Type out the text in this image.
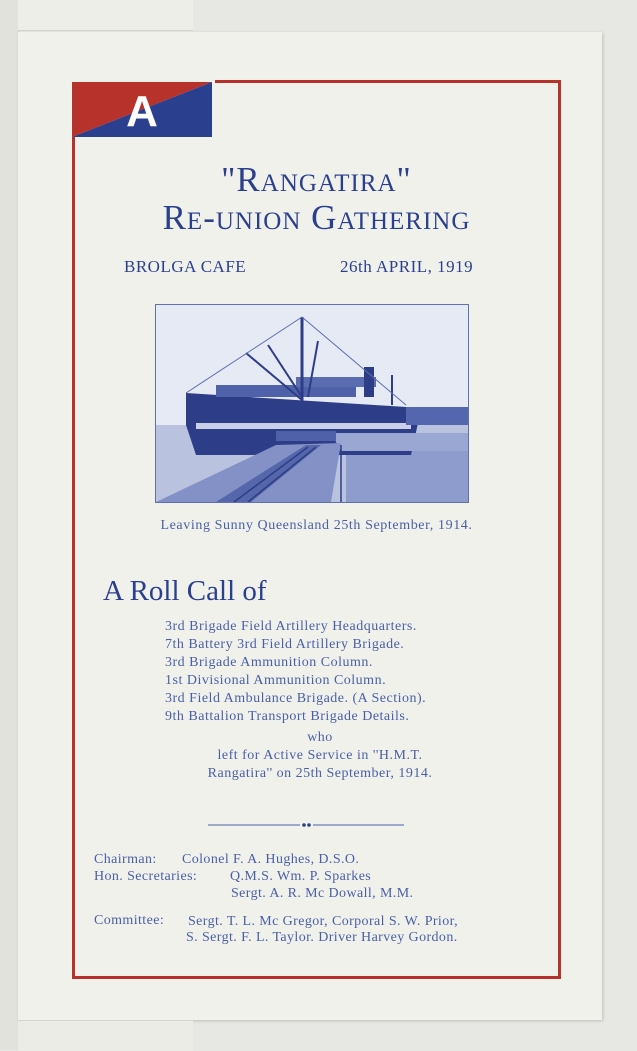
A
"Rangatira"
Re-union Gathering
BROLGA CAFE	26th APRIL, 1919
Leaving Sunny Queensland 25th September, 1914.
A Roll Call of
3rd Brigade Field Artillery Headquarters.
7th Battery 3rd Field Artillery Brigade.
3rd Brigade Ammunition Column.
1st Divisional Ammunition Column.
3rd Field Ambulance Brigade. (A Section).
9th Battalion Transport Brigade Details.
who
left for Active Service in ''H.M.T.
Rangatira'' on 25th September, 1914.
Chairman: Colonel F. A. Hughes, D.S.O.
Hon. Secretaries: Q.M.S. Wm. P. Sparkes
Sergt. A. R. Mc Dowall, M.M.
Committee: Sergt. T. L. Mc Gregor, Corporal S. W. Prior,
S. Sergt. F. L. Taylor. Driver Harvey Gordon.
